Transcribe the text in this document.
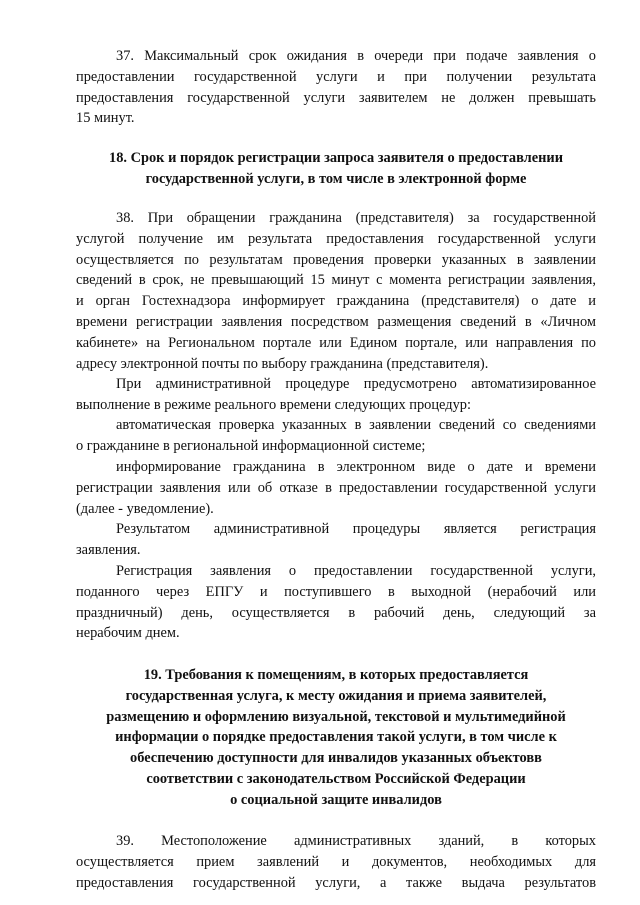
37. Максимальный срок ожидания в очереди при подаче заявления о
предоставлении государственной услуги и при получении результата
предоставления государственной услуги заявителем не должен превышать
15 минут.
18. Срок и порядок регистрации запроса заявителя о предоставлении
государственной услуги, в том числе в электронной форме
38. При обращении гражданина (представителя) за государственной
услугой получение им результата предоставления государственной услуги
осуществляется по результатам проведения проверки указанных в заявлении
сведений в срок, не превышающий 15 минут с момента регистрации заявления,
и орган Гостехнадзора информирует гражданина (представителя) о дате и
времени регистрации заявления посредством размещения сведений в «Личном
кабинете» на Региональном портале или Едином портале, или направления по
адресу электронной почты по выбору гражданина (представителя).
При административной процедуре предусмотрено автоматизированное
выполнение в режиме реального времени следующих процедур:
автоматическая проверка указанных в заявлении сведений со сведениями
о гражданине в региональной информационной системе;
информирование гражданина в электронном виде о дате и времени
регистрации заявления или об отказе в предоставлении государственной услуги
(далее - уведомление).
Результатом административной процедуры является регистрация
заявления.
Регистрация заявления о предоставлении государственной услуги,
поданного через ЕПГУ и поступившего в выходной (нерабочий или
праздничный) день, осуществляется в рабочий день, следующий за
нерабочим днем.
19. Требования к помещениям, в которых предоставляется
государственная услуга, к месту ожидания и приема заявителей,
размещению и оформлению визуальной, текстовой и мультимедийной
информации о порядке предоставления такой услуги, в том числе к
обеспечению доступности для инвалидов указанных объектовв
соответствии с законодательством Российской Федерации
о социальной защите инвалидов
39. Местоположение административных зданий, в которых
осуществляется прием заявлений и документов, необходимых для
предоставления государственной услуги, а также выдача результатов
